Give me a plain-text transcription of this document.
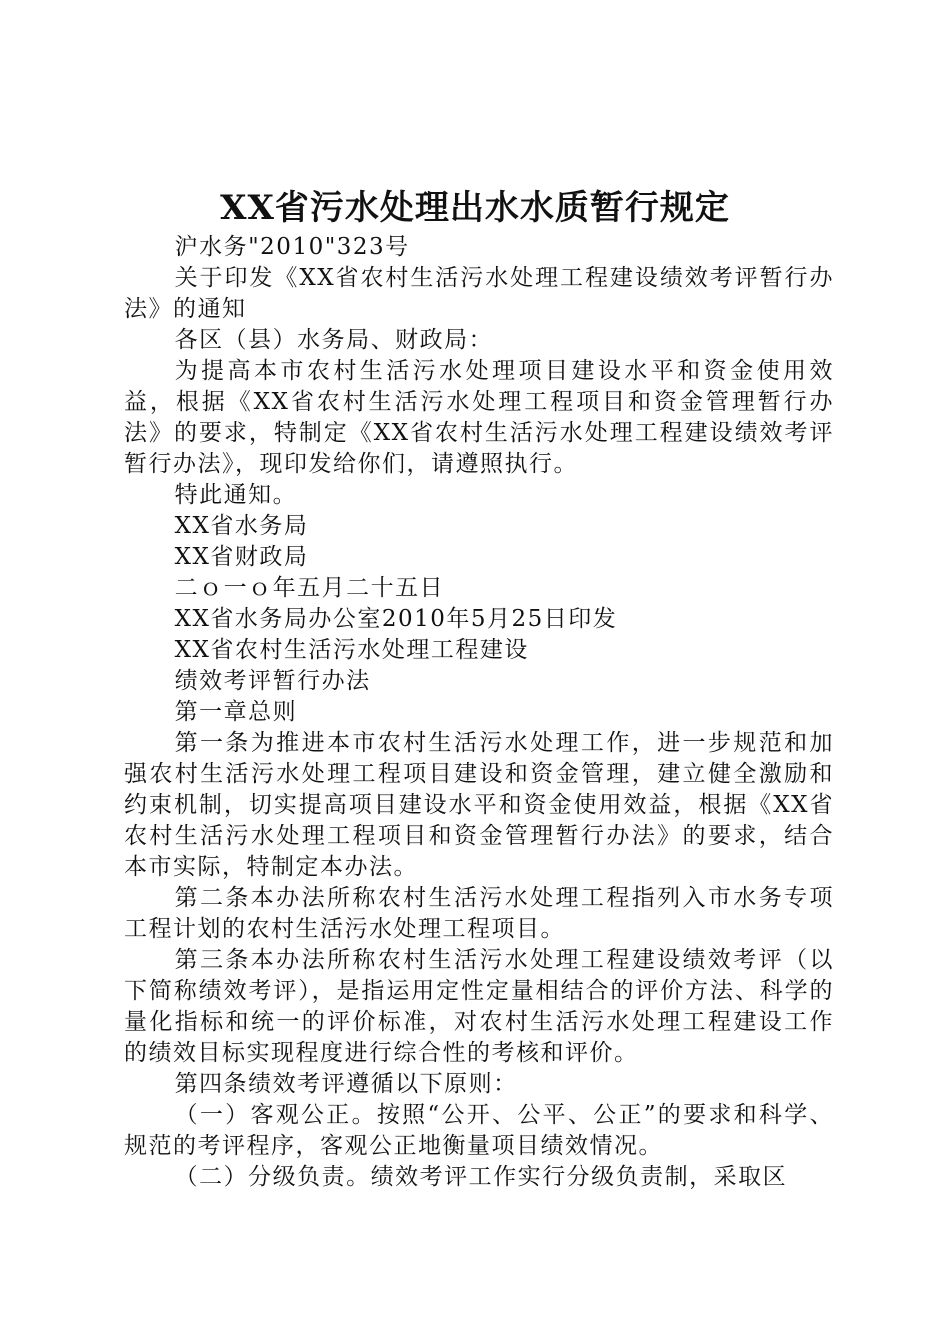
XX省污水处理出水水质暂行规定

沪水务"2010"323号

关于印发《XX省农村生活污水处理工程建设绩效考评暂行办法》的通知

各区（县）水务局、财政局：

为提高本市农村生活污水处理项目建设水平和资金使用效益，根据《XX省农村生活污水处理工程项目和资金管理暂行办法》的要求，特制定《XX省农村生活污水处理工程建设绩效考评暂行办法》，现印发给你们，请遵照执行。

特此通知。

XX省水务局

XX省财政局

二ｏ一ｏ年五月二十五日

XX省水务局办公室2010年5月25日印发

XX省农村生活污水处理工程建设

绩效考评暂行办法

第一章总则

第一条为推进本市农村生活污水处理工作，进一步规范和加强农村生活污水处理工程项目建设和资金管理，建立健全激励和约束机制，切实提高项目建设水平和资金使用效益，根据《XX省农村生活污水处理工程项目和资金管理暂行办法》的要求，结合本市实际，特制定本办法。

第二条本办法所称农村生活污水处理工程指列入市水务专项工程计划的农村生活污水处理工程项目。

第三条本办法所称农村生活污水处理工程建设绩效考评（以下简称绩效考评），是指运用定性定量相结合的评价方法、科学的量化指标和统一的评价标准，对农村生活污水处理工程建设工作的绩效目标实现程度进行综合性的考核和评价。

第四条绩效考评遵循以下原则：

（一）客观公正。按照“公开、公平、公正”的要求和科学、规范的考评程序，客观公正地衡量项目绩效情况。

（二）分级负责。绩效考评工作实行分级负责制，采取区
